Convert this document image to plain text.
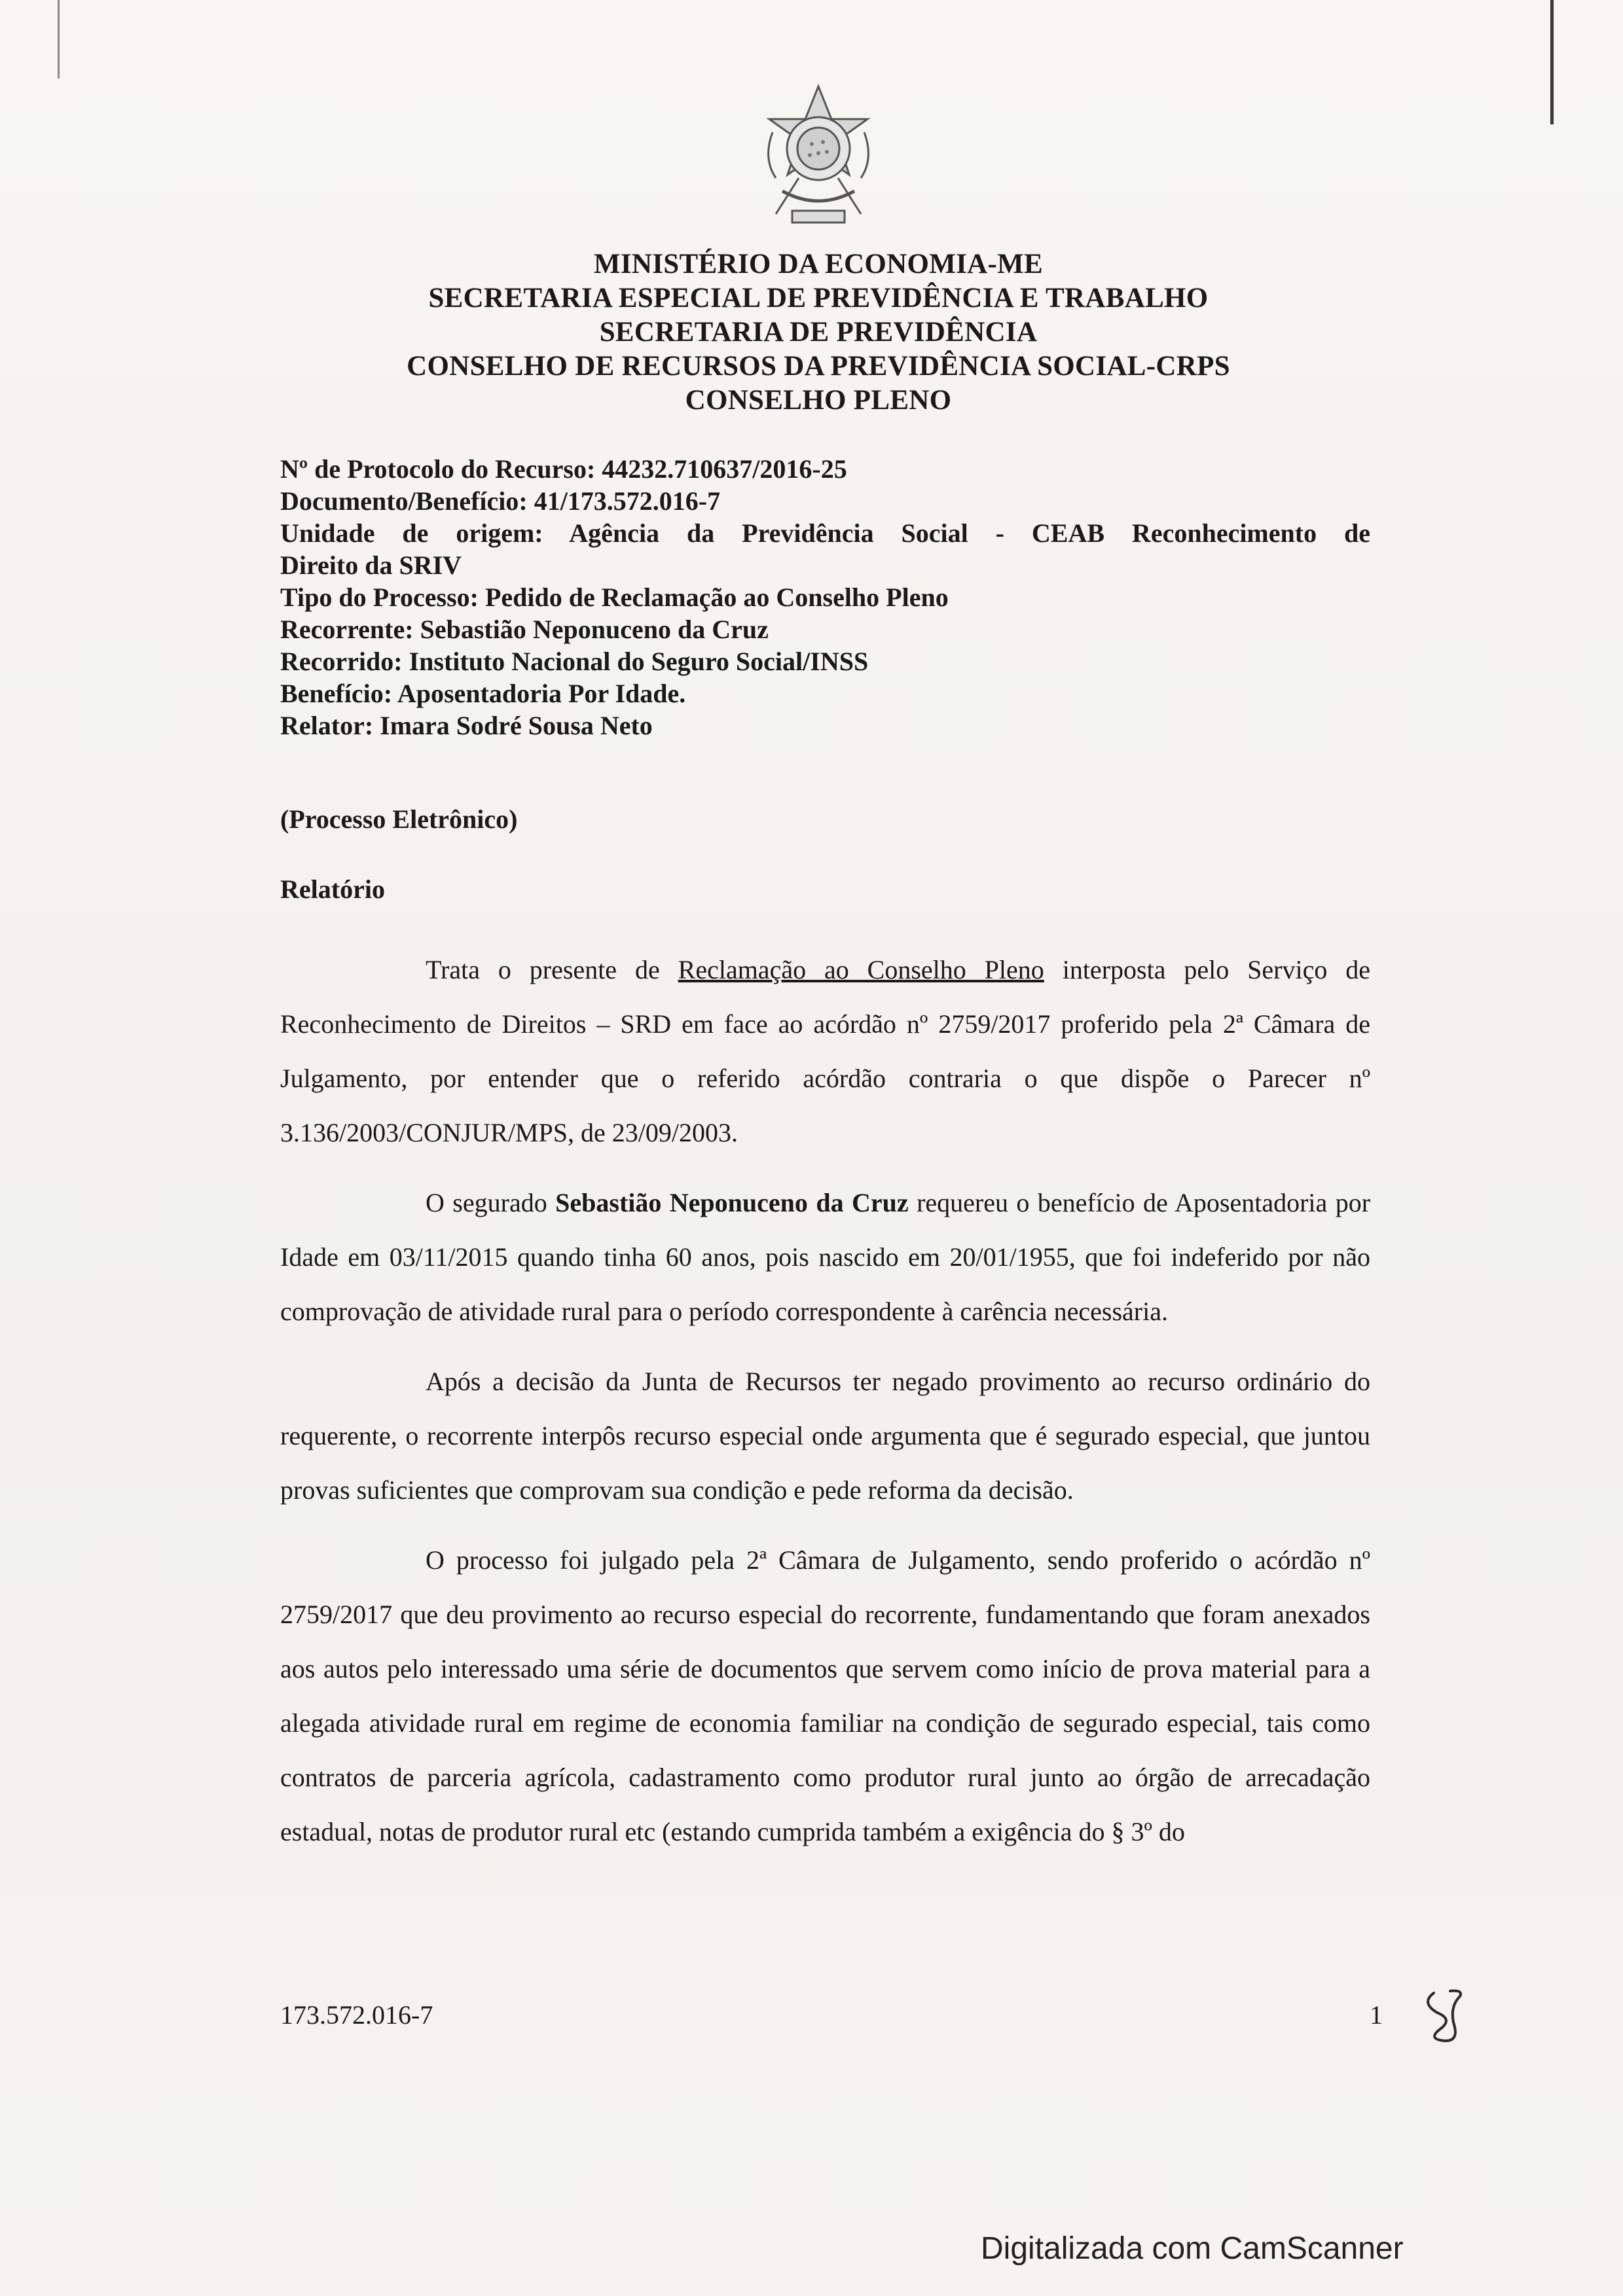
MINISTÉRIO DA ECONOMIA-ME
SECRETARIA ESPECIAL DE PREVIDÊNCIA E TRABALHO
SECRETARIA DE PREVIDÊNCIA
CONSELHO DE RECURSOS DA PREVIDÊNCIA SOCIAL-CRPS
CONSELHO PLENO
Nº de Protocolo do Recurso: 44232.710637/2016-25
Documento/Benefício: 41/173.572.016-7
Unidade de origem: Agência da Previdência Social - CEAB Reconhecimento de
Direito da SRIV
Tipo do Processo: Pedido de Reclamação ao Conselho Pleno
Recorrente: Sebastião Neponuceno da Cruz
Recorrido: Instituto Nacional do Seguro Social/INSS
Benefício: Aposentadoria Por Idade.
Relator: Imara Sodré Sousa Neto
(Processo Eletrônico)
Relatório

Trata o presente de Reclamação ao Conselho Pleno interposta pelo Serviço de Reconhecimento de Direitos – SRD em face ao acórdão nº 2759/2017 proferido pela 2ª Câmara de Julgamento, por entender que o referido acórdão contraria o que dispõe o Parecer nº 3.136/2003/CONJUR/MPS, de 23/09/2003.

O segurado Sebastião Neponuceno da Cruz requereu o benefício de Aposentadoria por Idade em 03/11/2015 quando tinha 60 anos, pois nascido em 20/01/1955, que foi indeferido por não comprovação de atividade rural para o período correspondente à carência necessária.

Após a decisão da Junta de Recursos ter negado provimento ao recurso ordinário do requerente, o recorrente interpôs recurso especial onde argumenta que é segurado especial, que juntou provas suficientes que comprovam sua condição e pede reforma da decisão.

O processo foi julgado pela 2ª Câmara de Julgamento, sendo proferido o acórdão nº 2759/2017 que deu provimento ao recurso especial do recorrente, fundamentando que foram anexados aos autos pelo interessado uma série de documentos que servem como início de prova material para a alegada atividade rural em regime de economia familiar na condição de segurado especial, tais como contratos de parceria agrícola, cadastramento como produtor rural junto ao órgão de arrecadação estadual, notas de produtor rural etc (estando cumprida também a exigência do § 3º do

173.572.016-7	1
Digitalizada com CamScanner
